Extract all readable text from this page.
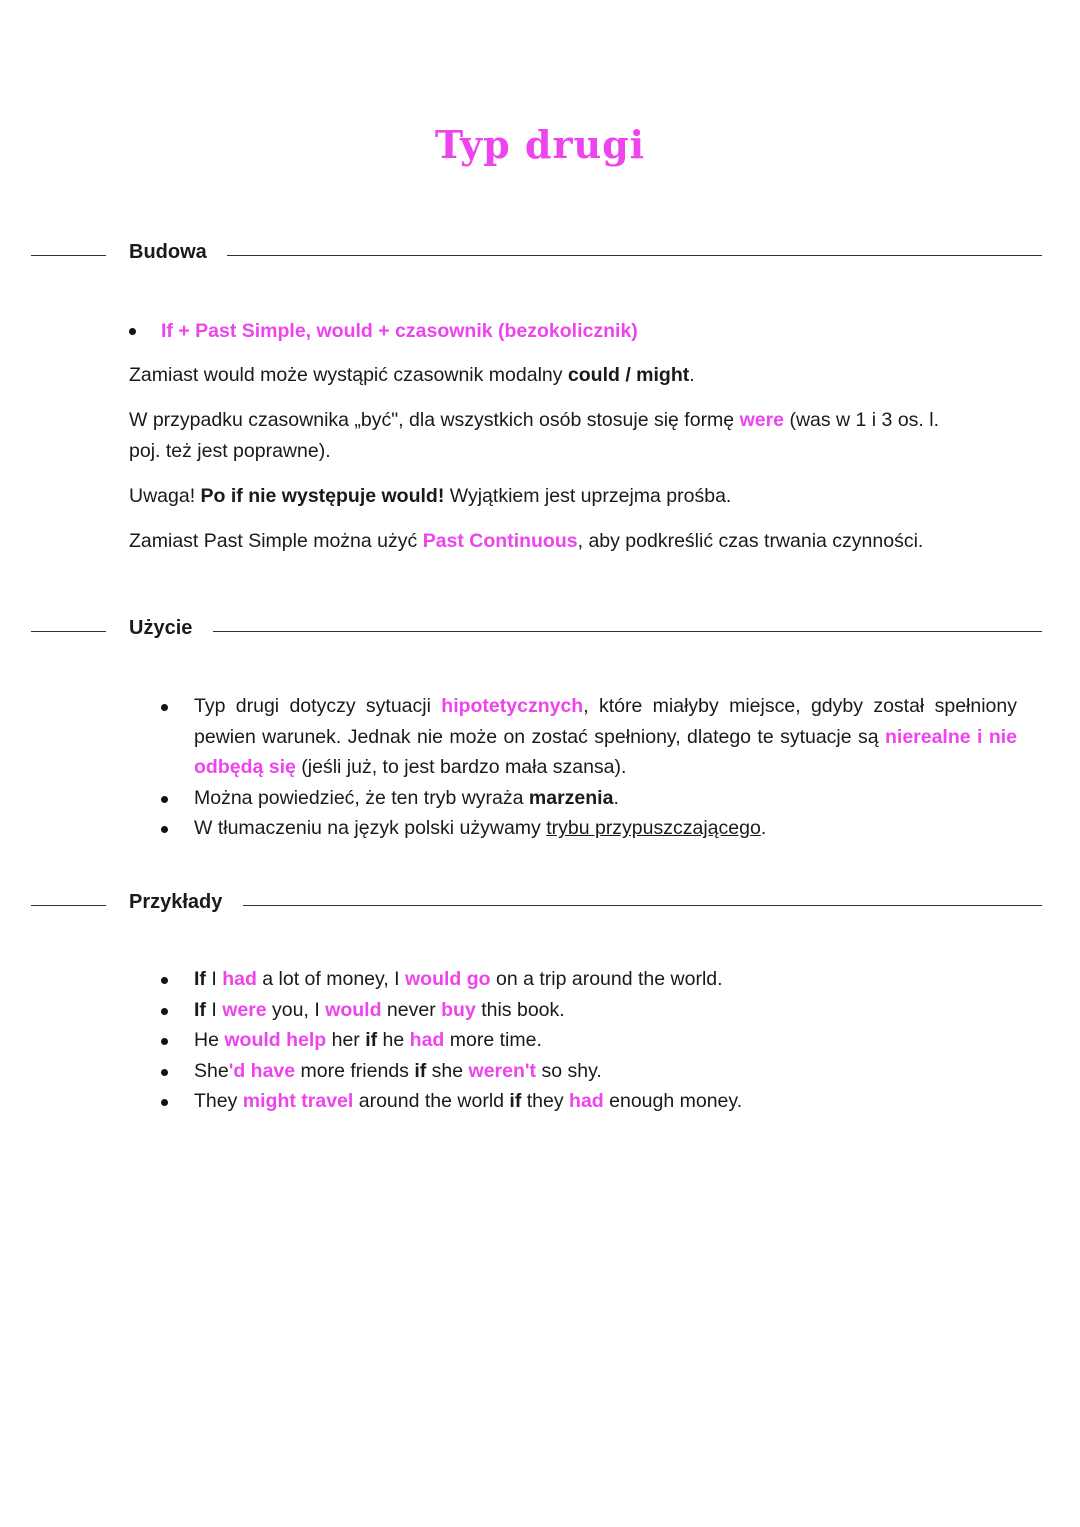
Typ drugi
Budowa
If + Past Simple, would + czasownik (bezokolicznik)
Zamiast would może wystąpić czasownik modalny could / might.
W przypadku czasownika „być", dla wszystkich osób stosuje się formę were (was w 1 i 3 os. l. poj. też jest poprawne).
Uwaga! Po if nie występuje would! Wyjątkiem jest uprzejma prośba.
Zamiast Past Simple można użyć Past Continuous, aby podkreślić czas trwania czynności.
Użycie
Typ drugi dotyczy sytuacji hipotetycznych, które miałyby miejsce, gdyby został spełniony pewien warunek. Jednak nie może on zostać spełniony, dlatego te sytuacje są nierealne i nie odbędą się (jeśli już, to jest bardzo mała szansa).
Można powiedzieć, że ten tryb wyraża marzenia.
W tłumaczeniu na język polski używamy trybu przypuszczającego.
Przykłady
If I had a lot of money, I would go on a trip around the world.
If I were you, I would never buy this book.
He would help her if he had more time.
She'd have more friends if she weren't so shy.
They might travel around the world if they had enough money.
